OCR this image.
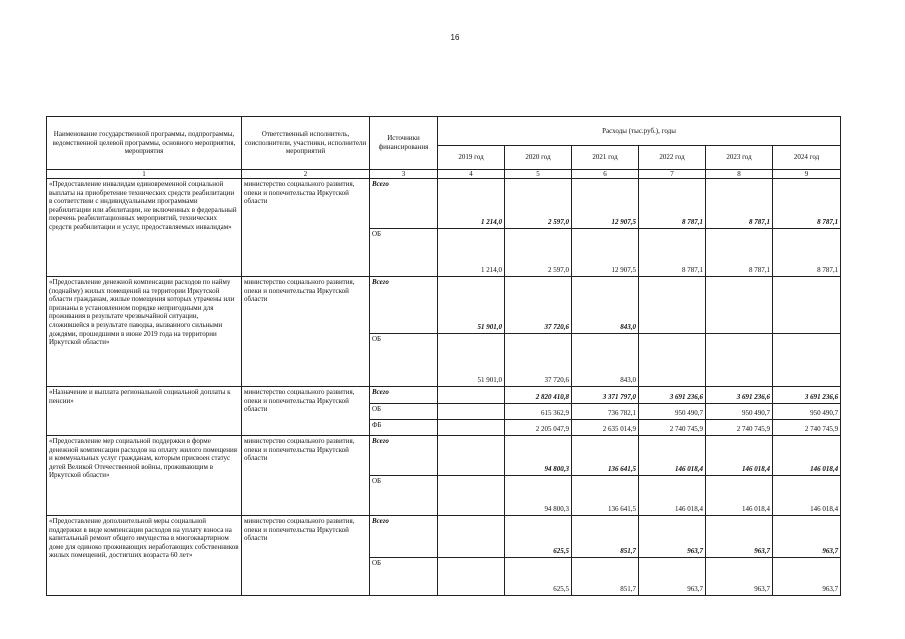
16
Наименование государственной программы, подпрограммы, ведомственной целевой программы, основного мероприятия, мероприятия	Ответственный исполнитель, соисполнители, участники, исполнители мероприятий	Источники финансирования	Расходы (тыс.руб.), годы					
			2019 год	2020 год	2021 год	2022 год	2023 год	2024 год
1	2	3	4	5	6	7	8	9
«Предоставление инвалидам единовременной социальной выплаты на приобретение технических средств реабилитации в соответствии с индивидуальными программами реабилитации или абилитации, не включенных в федеральный перечень реабилитационных мероприятий, технических средств реабилитации и услуг, предоставляемых инвалидам»	министерство социального развития, опеки и попечительства Иркутской области	Всего	1 214,0	2 597,0	12 907,5	8 787,1	8 787,1	8 787,1
		ОБ	1 214,0	2 597,0	12 907,5	8 787,1	8 787,1	8 787,1
«Предоставление денежной компенсации расходов по найму (поднайму) жилых помещений на территории Иркутской области гражданам, жилые помещения которых утрачены или признаны в установленном порядке непригодными для проживания в результате чрезвычайной ситуации, сложившейся в результате паводка, вызванного сильными дождями, прошедшими в июне 2019 года на территории Иркутской области»	министерство социального развития, опеки и попечительства Иркутской области	Всего	51 901,0	37 720,6	843,0			
		ОБ	51 901,0	37 720,6	843,0			
«Назначение и выплата региональной социальной доплаты к пенсии»	министерство социального развития, опеки и попечительства Иркутской области	Всего		2 820 410,8	3 371 797,0	3 691 236,6	3 691 236,6	3 691 236,6
		ОБ		615 362,9	736 782,1	950 490,7	950 490,7	950 490,7
		ФБ		2 205 047,9	2 635 014,9	2 740 745,9	2 740 745,9	2 740 745,9
«Предоставление мер социальной поддержки в форме денежной компенсации расходов на оплату жилого помещения и коммунальных услуг гражданам, которым присвоен статус детей Великой Отечественной войны, проживающим в Иркутской области»	министерство социального развития, опеки и попечительства Иркутской области	Всего		94 800,3	136 641,5	146 018,4	146 018,4	146 018,4
		ОБ		94 800,3	136 641,5	146 018,4	146 018,4	146 018,4
«Предоставление дополнительной меры социальной поддержки в виде компенсации расходов на уплату взноса на капитальный ремонт общего имущества в многоквартирном доме для одиноко проживающих неработающих собственников жилых помещений, достигших возраста 60 лет»	министерство социального развития, опеки и попечительства Иркутской области	Всего		625,5	851,7	963,7	963,7	963,7
		ОБ		625,5	851,7	963,7	963,7	963,7
